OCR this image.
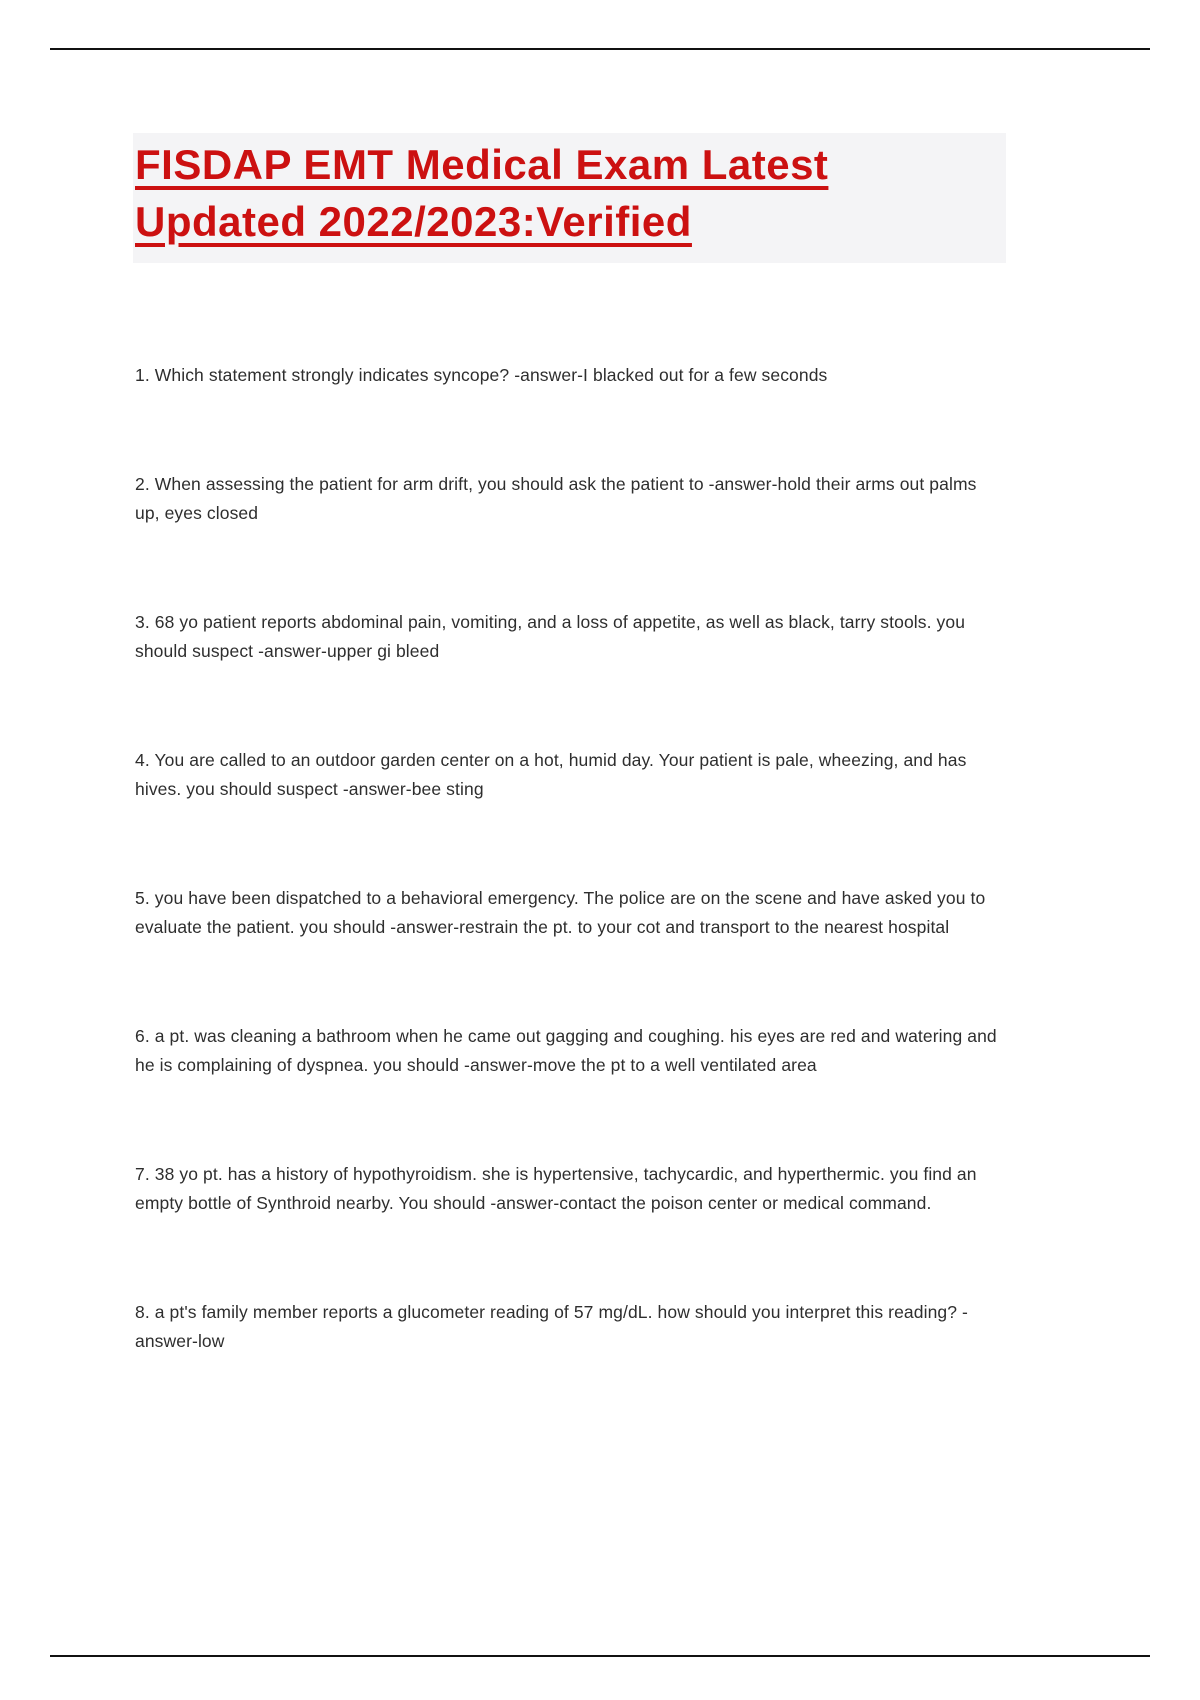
FISDAP EMT Medical Exam LatestUpdated 2022/2023:Verified

1. Which statement strongly indicates syncope? -answer-I blacked out for a few seconds

2. When assessing the patient for arm drift, you should ask the patient to -answer-hold their arms out palms up, eyes closed

3. 68 yo patient reports abdominal pain, vomiting, and a loss of appetite, as well as black, tarry stools. you should suspect -answer-upper gi bleed

4. You are called to an outdoor garden center on a hot, humid day. Your patient is pale, wheezing, and has hives. you should suspect -answer-bee sting

5. you have been dispatched to a behavioral emergency. The police are on the scene and have asked you to evaluate the patient. you should -answer-restrain the pt. to your cot and transport to the nearest hospital

6. a pt. was cleaning a bathroom when he came out gagging and coughing. his eyes are red and watering and he is complaining of dyspnea. you should -answer-move the pt to a well ventilated area

7. 38 yo pt. has a history of hypothyroidism. she is hypertensive, tachycardic, and hyperthermic. you find an empty bottle of Synthroid nearby. You should -answer-contact the poison center or medical command.

8. a pt's family member reports a glucometer reading of 57 mg/dL. how should you interpret this reading? -answer-low
